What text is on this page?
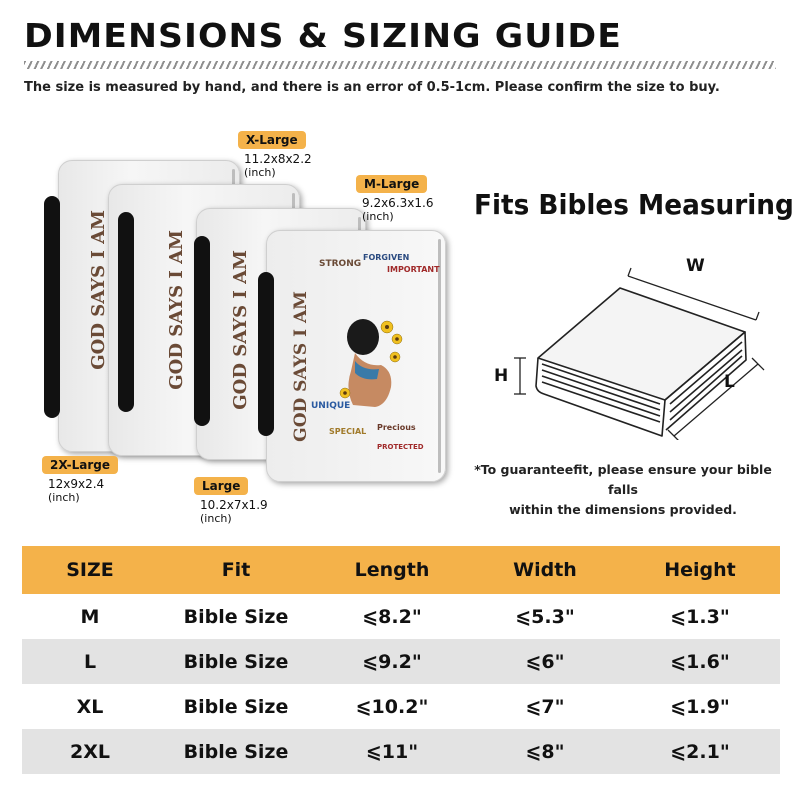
DIMENSIONS & SIZING GUIDE
The size is measured by hand, and there is an error of 0.5-1cm. Please confirm the size to buy.
GOD SAYS I AM
STRONG
UNIQUE
FORGIVEN
IMPORTANT
SPECIAL Precious
PROTECTED
GOD SAYS I AM	GOD SAYS I AM GOD SAYS I AM
X-Large
11.2x8x2.2
(inch)
M-Large
9.2x6.3x1.6
(inch)
2X-Large
12x9x2.4
(inch)
Large
10.2x7x1.9
(inch)
Fits Bibles Measuring
W
H	L
*To guaranteefit, please ensure your bible falls
within the dimensions provided.
SIZE	Fit	Length	Width	Height
M	Bible Size	⩽8.2"	⩽5.3"	⩽1.3"
L	Bible Size	⩽9.2"	⩽6"	⩽1.6"
XL	Bible Size	⩽10.2"	⩽7"	⩽1.9"
2XL	Bible Size	⩽11"	⩽8"	⩽2.1"
